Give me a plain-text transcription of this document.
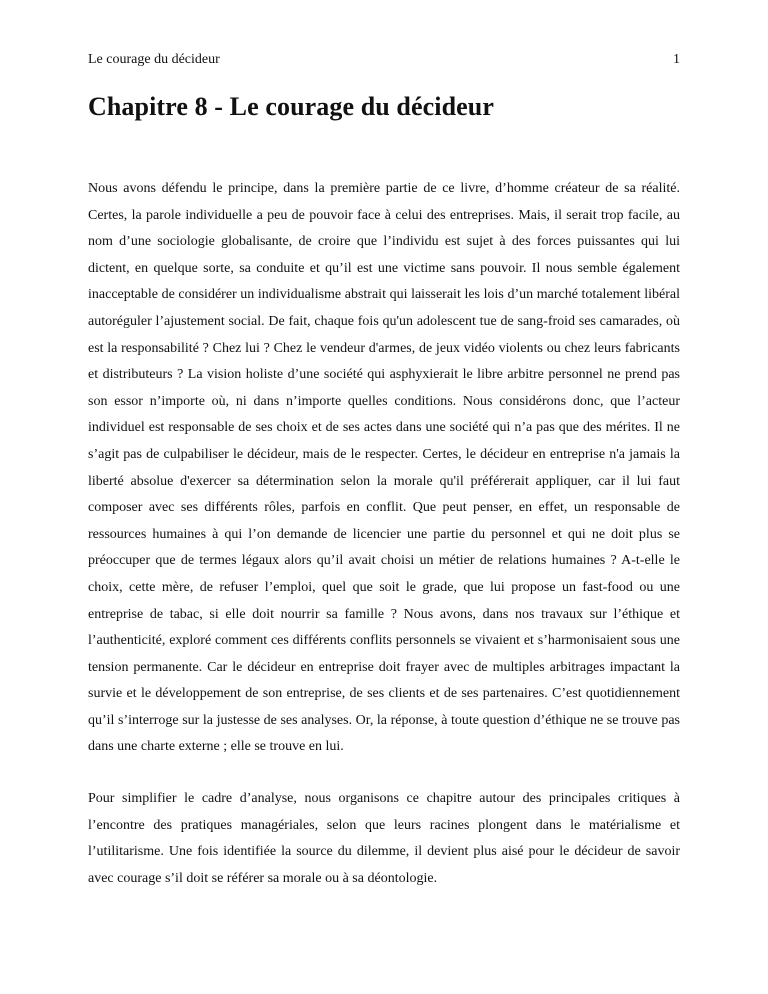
Le courage du décideur	1
Chapitre 8 - Le courage du décideur

Nous avons défendu le principe, dans la première partie de ce livre, d’homme créateur de sa réalité. Certes, la parole individuelle a peu de pouvoir face à celui des entreprises. Mais, il serait trop facile, au nom d’une sociologie globalisante, de croire que l’individu est sujet à des forces puissantes qui lui dictent, en quelque sorte, sa conduite et qu’il est une victime sans pouvoir. Il nous semble également inacceptable de considérer un individualisme abstrait qui laisserait les lois d’un marché totalement libéral autoréguler l’ajustement social. De fait, chaque fois qu'un adolescent tue de sang-froid ses camarades, où est la responsabilité ? Chez lui ? Chez le vendeur d'armes, de jeux vidéo violents ou chez leurs fabricants et distributeurs ? La vision holiste d’une société qui asphyxierait le libre arbitre personnel ne prend pas son essor n’importe où, ni dans n’importe quelles conditions. Nous considérons donc, que l’acteur individuel est responsable de ses choix et de ses actes dans une société qui n’a pas que des mérites. Il ne s’agit pas de culpabiliser le décideur, mais de le respecter. Certes, le décideur en entreprise n'a jamais la liberté absolue d'exercer sa détermination selon la morale qu'il préférerait appliquer, car il lui faut composer avec ses différents rôles, parfois en conflit. Que peut penser, en effet, un responsable de ressources humaines à qui l’on demande de licencier une partie du personnel et qui ne doit plus se préoccuper que de termes légaux alors qu’il avait choisi un métier de relations humaines ? A-t-elle le choix, cette mère, de refuser l’emploi, quel que soit le grade, que lui propose un fast-food ou une entreprise de tabac, si elle doit nourrir sa famille ? Nous avons, dans nos travaux sur l’éthique et l’authenticité, exploré comment ces différents conflits personnels se vivaient et s’harmonisaient sous une tension permanente. Car le décideur en entreprise doit frayer avec de multiples arbitrages impactant la survie et le développement de son entreprise, de ses clients et de ses partenaires. C’est quotidiennement qu’il s’interroge sur la justesse de ses analyses. Or, la réponse, à toute question d’éthique ne se trouve pas dans une charte externe ; elle se trouve en lui.

Pour simplifier le cadre d’analyse, nous organisons ce chapitre autour des principales critiques à l’encontre des pratiques managériales, selon que leurs racines plongent dans le matérialisme et l’utilitarisme. Une fois identifiée la source du dilemme, il devient plus aisé pour le décideur de savoir avec courage s’il doit se référer sa morale ou à sa déontologie.
